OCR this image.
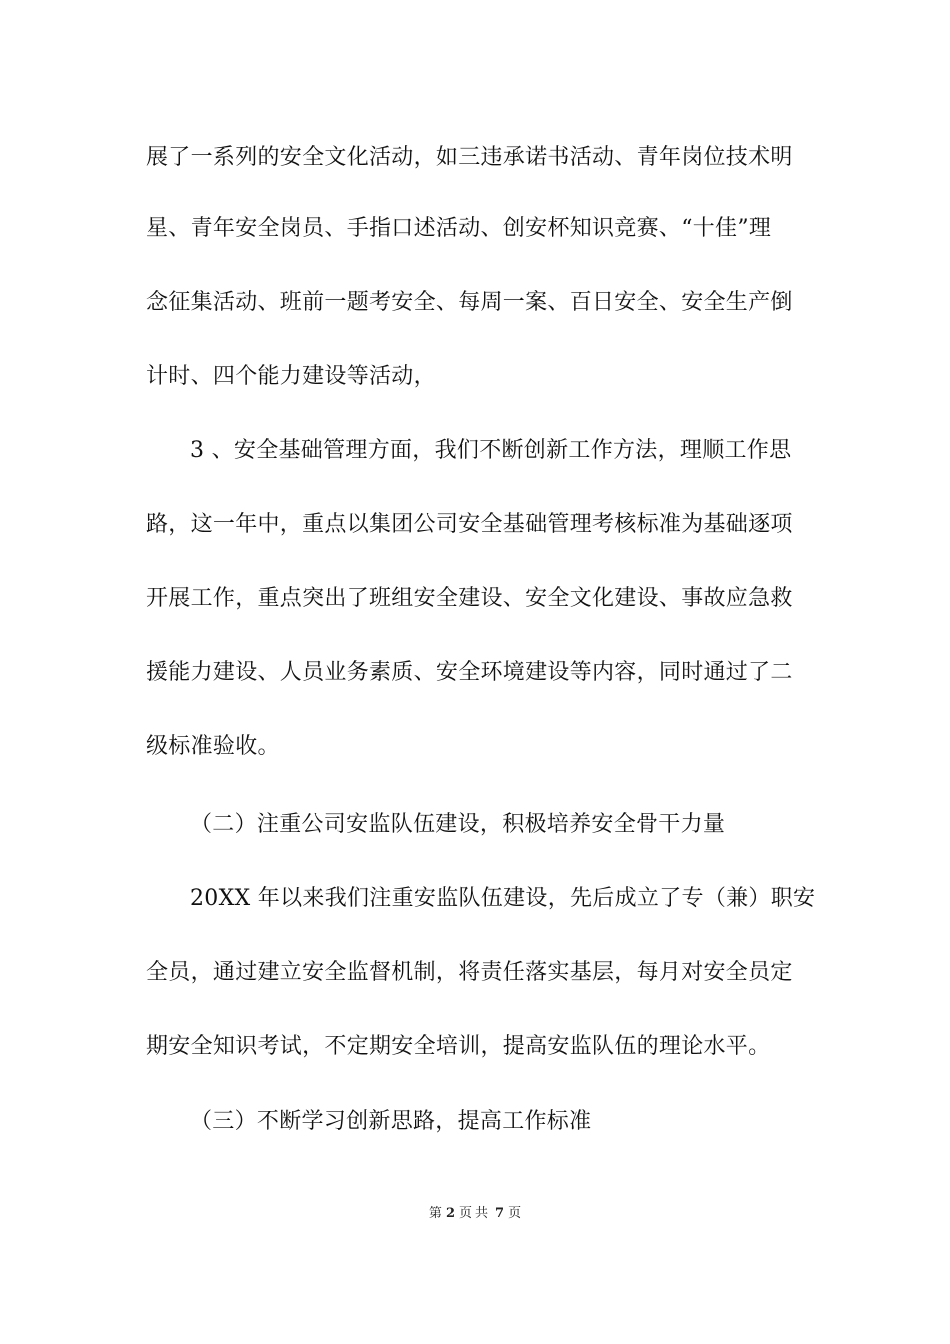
展了一系列的安全文化活动，如三违承诺书活动、青年岗位技术明
星、青年安全岗员、手指口述活动、创安杯知识竞赛、“十佳”理
念征集活动、班前一题考安全、每周一案、百日安全、安全生产倒
计时、四个能力建设等活动，
3 、安全基础管理方面，我们不断创新工作方法，理顺工作思
路，这一年中，重点以集团公司安全基础管理考核标准为基础逐项
开展工作，重点突出了班组安全建设、安全文化建设、事故应急救
援能力建设、人员业务素质、安全环境建设等内容，同时通过了二
级标准验收。
（二）注重公司安监队伍建设，积极培养安全骨干力量
20XX 年以来我们注重安监队伍建设，先后成立了专（兼）职安
全员，通过建立安全监督机制，将责任落实基层，每月对安全员定
期安全知识考试，不定期安全培训，提高安监队伍的理论水平。
（三）不断学习创新思路，提高工作标准
第 2 页 共 7 页
